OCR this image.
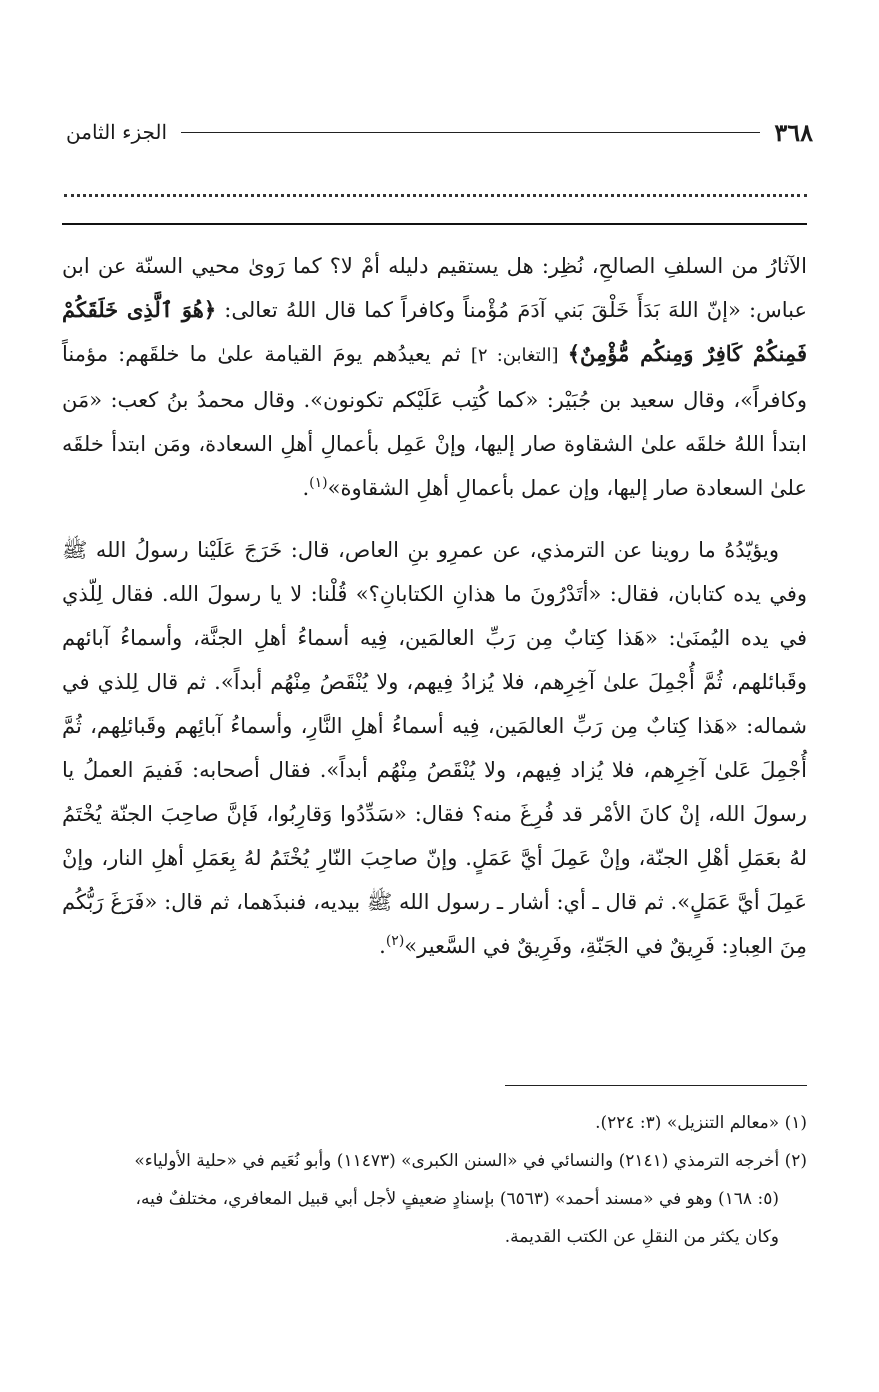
٣٦٨
الجزء الثامن

الآثارُ من السلفِ الصالحِ، نُظِر: هل يستقيم دليله أمْ لا؟ كما رَوىٰ محيي السنّة عن ابن عباس: «إنّ اللهَ بَدَأَ خَلْقَ بَني آدَمَ مُؤْمناً وكافراً كما قال اللهُ تعالى: ﴿هُوَ ٱلَّذِى خَلَقَكُمْ فَمِنكُمْ كَافِرٌ وَمِنكُم مُّؤْمِنٌ﴾ [التغابن: ٢] ثم يعيدُهم يومَ القيامة علىٰ ما خلقَهم: مؤمناً وكافراً»، وقال سعيد بن جُبَيْر: «كما كُتِب عَلَيْكم تكونون». وقال محمدُ بنُ كعب: «مَن ابتدأ اللهُ خلقَه علىٰ الشقاوة صار إليها، وإنْ عَمِل بأعمالِ أهلِ السعادة، ومَن ابتدأ خلقَه علىٰ السعادة صار إليها، وإن عمل بأعمالِ أهلِ الشقاوة»$^{(١)}$.

ويؤيّدُهُ ما روينا عن الترمذي، عن عمرِو بنِ العاص، قال: خَرَجَ عَلَيْنا رسولُ الله ﷺ وفي يده كتابان، فقال: «أتَدْرُونَ ما هذانِ الكتابانِ؟» قُلْنا: لا يا رسولَ الله. فقال لِلّذي في يده اليُمنَىٰ: «هَذا كِتابٌ مِن رَبِّ العالمَين، فِيه أسماءُ أهلِ الجنَّة، وأسماءُ آبائهم وقَبائلهم، ثُمَّ أُجْمِلَ علىٰ آخِرِهم، فلا يُزادُ فِيهم، ولا يُنْقَصُ مِنْهُم أبداً». ثم قال لِلذي في شماله: «هَذا كِتابٌ مِن رَبِّ العالمَين، فِيه أسماءُ أهلِ النَّارِ، وأسماءُ آبائِهم وقَبائلِهم، ثُمَّ أُجْمِلَ عَلىٰ آخِرِهم، فلا يُزاد فِيهم، ولا يُنْقَصُ مِنْهُم أبداً». فقال أصحابه: فَفيمَ العملُ يا رسولَ الله، إنْ كانَ الأمْر قد فُرِغَ منه؟ فقال: «سَدِّدُوا وَقارِبُوا، فَإنَّ صاحِبَ الجنّة يُخْتَمُ لهُ بعَمَلِ أهْلِ الجنّة، وإنْ عَمِلَ أيَّ عَمَلٍ. وإنّ صاحِبَ النّارِ يُخْتَمُ لهُ بِعَمَلِ أهلِ النار، وإنْ عَمِلَ أيَّ عَمَلٍ». ثم قال ـ أي: أشار ـ رسول الله ﷺ بيديه، فنبذَهما، ثم قال: «فَرَغَ رَبُّكُم مِنَ العِبادِ: فَرِيقٌ في الجَنّةِ، وفَرِيقٌ في السَّعير»$^{(٢)}$.

(١) «معالم التنزيل» (٣: ٢٢٤).

(٢) أخرجه الترمذي (٢١٤١) والنسائي في «السنن الكبرى» (١١٤٧٣) وأبو نُعَيم في «حلية الأولياء»

(٥: ١٦٨) وهو في «مسند أحمد» (٦٥٦٣) بإسنادٍ ضعيفٍ لأجل أبي قبيل المعافري، مختلفٌ فيه،

وكان يكثر من النقلِ عن الكتب القديمة.
